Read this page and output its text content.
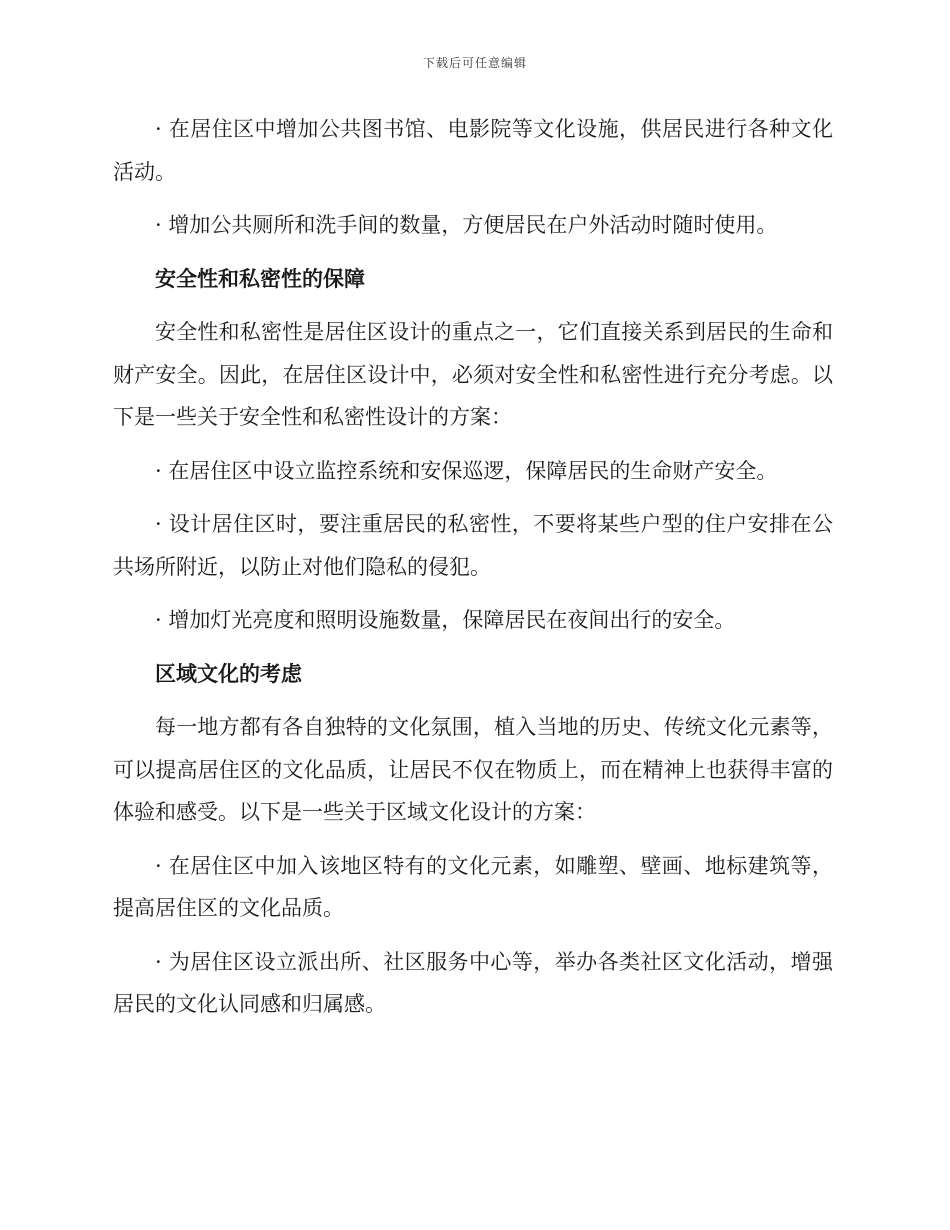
下载后可任意编辑

· 在居住区中增加公共图书馆、电影院等文化设施，供居民进行各种文化活动。

· 增加公共厕所和洗手间的数量，方便居民在户外活动时随时使用。

安全性和私密性的保障

安全性和私密性是居住区设计的重点之一，它们直接关系到居民的生命和财产安全。因此，在居住区设计中，必须对安全性和私密性进行充分考虑。以下是一些关于安全性和私密性设计的方案：

· 在居住区中设立监控系统和安保巡逻，保障居民的生命财产安全。

· 设计居住区时，要注重居民的私密性，不要将某些户型的住户安排在公共场所附近，以防止对他们隐私的侵犯。

· 增加灯光亮度和照明设施数量，保障居民在夜间出行的安全。

区域文化的考虑

每一地方都有各自独特的文化氛围，植入当地的历史、传统文化元素等，可以提高居住区的文化品质，让居民不仅在物质上，而在精神上也获得丰富的体验和感受。以下是一些关于区域文化设计的方案：

· 在居住区中加入该地区特有的文化元素，如雕塑、壁画、地标建筑等，提高居住区的文化品质。

· 为居住区设立派出所、社区服务中心等，举办各类社区文化活动，增强居民的文化认同感和归属感。
